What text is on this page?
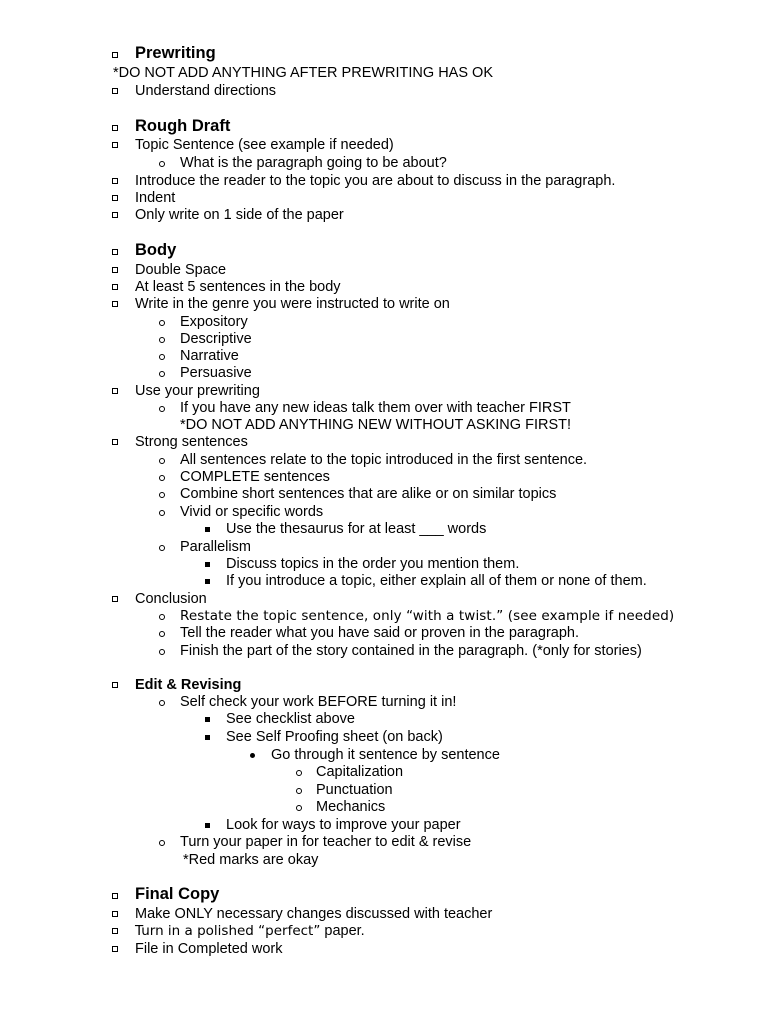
Prewriting
*DO NOT ADD ANYTHING AFTER PREWRITING HAS OK
Understand directions
Rough Draft
Topic Sentence (see example if needed)
What is the paragraph going to be about?
Introduce the reader to the topic you are about to discuss in the paragraph.
Indent
Only write on 1 side of the paper
Body
Double Space
At least 5 sentences in the body
Write in the genre you were instructed to write on
Expository
Descriptive
Narrative
Persuasive
Use your prewriting
If you have any new ideas talk them over with teacher FIRST
*DO NOT ADD ANYTHING NEW WITHOUT ASKING FIRST!
Strong sentences
All sentences relate to the topic introduced in the first sentence.
COMPLETE sentences
Combine short sentences that are alike or on similar topics
Vivid or specific words
Use the thesaurus for at least ___ words
Parallelism
Discuss topics in the order you mention them.
If you introduce a topic, either explain all of them or none of them.
Conclusion
Restate the topic sentence, only “with a twist.” (see example if needed)
Tell the reader what you have said or proven in the paragraph.
Finish the part of the story contained in the paragraph. (*only for stories)
Edit & Revising
Self check your work BEFORE turning it in!
See checklist above
See Self Proofing sheet (on back)
Go through it sentence by sentence
Capitalization
Punctuation
Mechanics
Look for ways to improve your paper
Turn your paper in for teacher to edit & revise
*Red marks are okay
Final Copy
Make ONLY necessary changes discussed with teacher
Turn in a polished “perfect” paper.
File in Completed work
